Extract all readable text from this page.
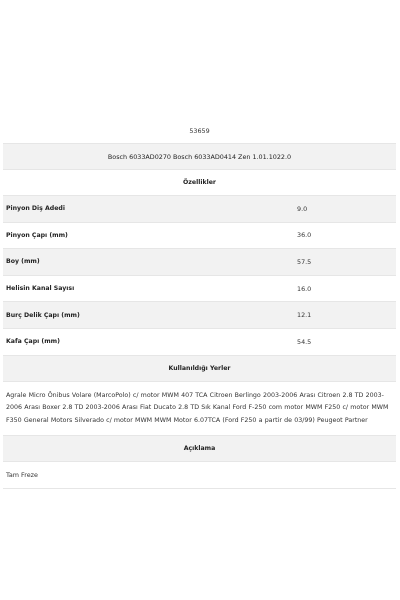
53659
Bosch 6033AD0270 Bosch 6033AD0414 Zen 1.01.1022.0
Özellikler
Pinyon Diş Adedi	9.0
Pinyon Çapı (mm)	36.0
Boy (mm)	57.5
Helisin Kanal Sayısı	16.0
Burç Delik Çapı (mm)	12.1
Kafa Çapı (mm)	54.5
Kullanıldığı Yerler
Agrale Micro Ônibus Volare (MarcoPolo) c/ motor MWM 407 TCA Citroen Berlingo 2003-2006 Arası Citroen 2.8 TD 2003-2006 Arası Boxer 2.8 TD 2003-2006 Arası Fiat Ducato 2.8 TD Sık Kanal Ford F-250 com motor MWM F250 c/ motor MWM F350 General Motors Silverado c/ motor MWM MWM Motor 6.07TCA (Ford F250 a partir de 03/99) Peugeot Partner
Açıklama
Tam Freze
